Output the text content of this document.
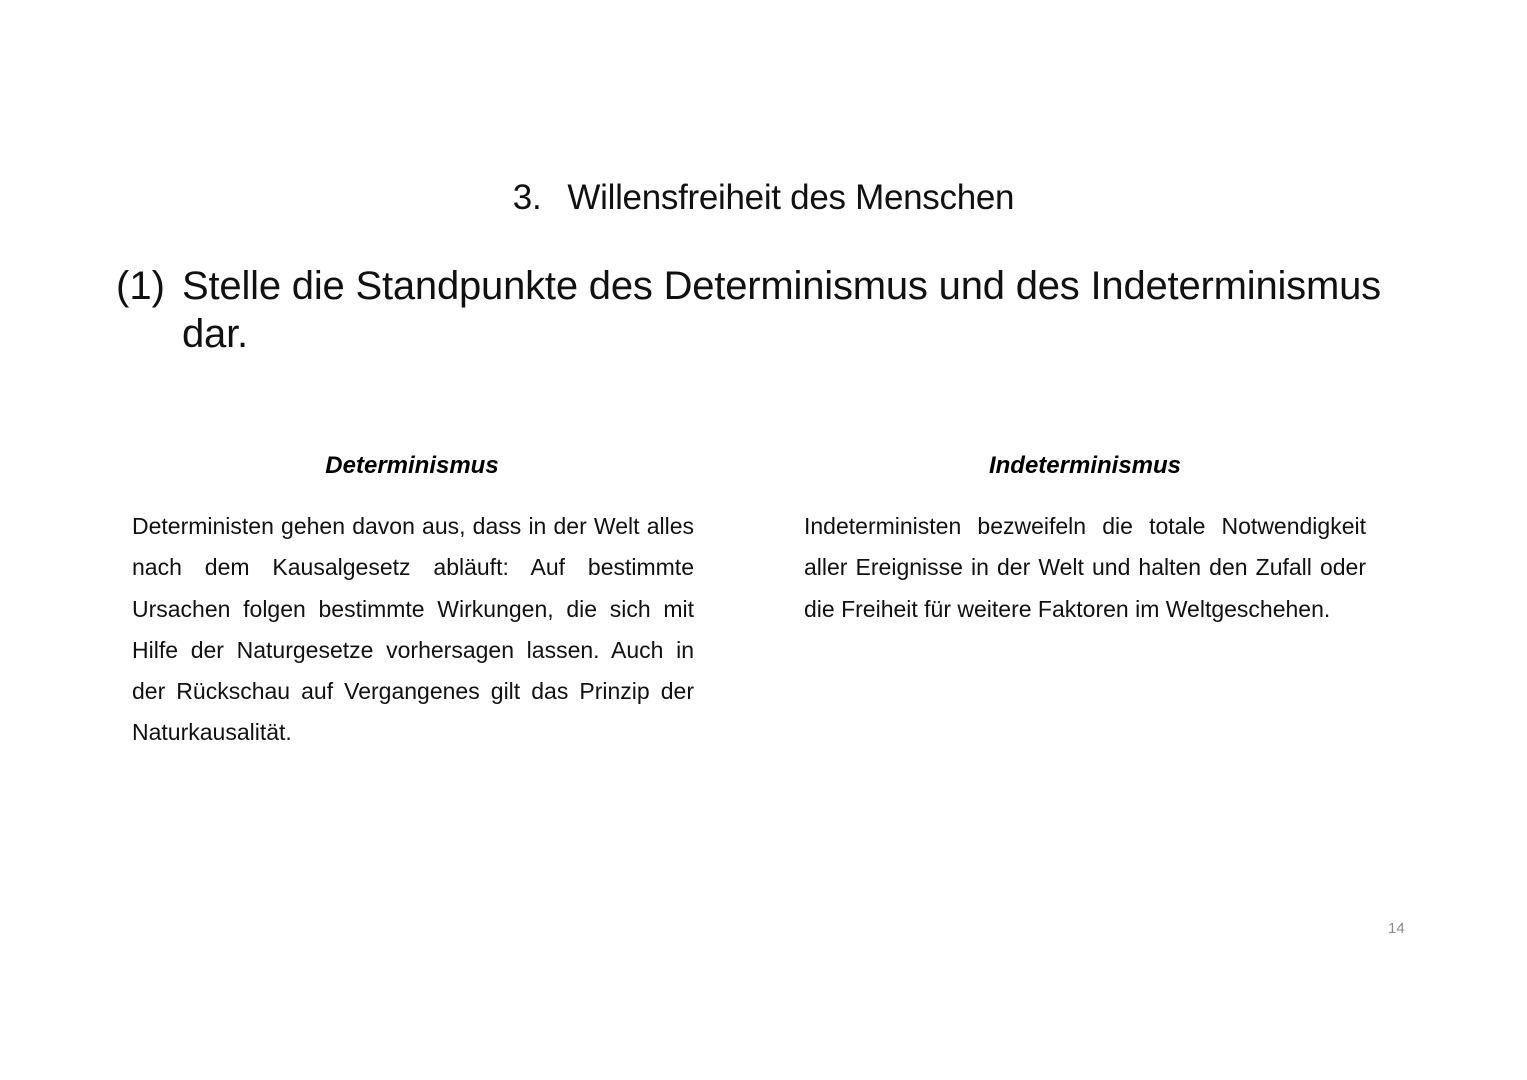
3. Willensfreiheit des Menschen
(1) Stelle die Standpunkte des Determinismus und des Indeterminismus dar.
Determinismus

Deterministen gehen davon aus, dass in der Welt alles nach dem Kausalgesetz abläuft: Auf bestimmte Ursachen folgen bestimmte Wirkungen, die sich mit Hilfe der Naturgesetze vorhersagen lassen. Auch in der Rückschau auf Vergangenes gilt das Prinzip der Naturkausalität.

Indeterminismus

Indeterministen bezweifeln die totale Notwendigkeit aller Ereignisse in der Welt und halten den Zufall oder die Freiheit für weitere Faktoren im Weltgeschehen.

14
